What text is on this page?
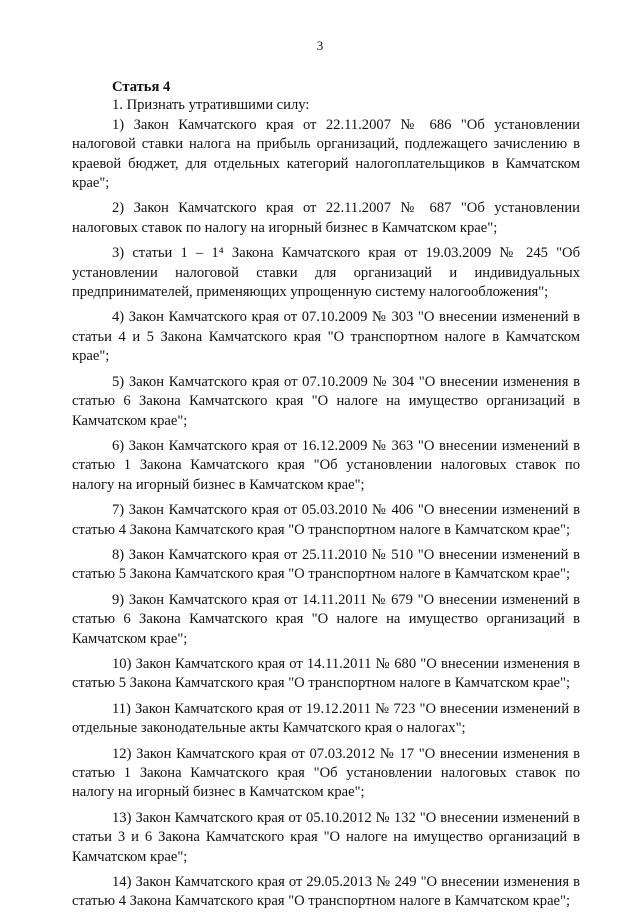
3
Статья 4

1. Признать утратившими силу:

1) Закон Камчатского края от 22.11.2007 № 686 "Об установлении налоговой ставки налога на прибыль организаций, подлежащего зачислению в краевой бюджет, для отдельных категорий налогоплательщиков в Камчатском крае";

2) Закон Камчатского края от 22.11.2007 № 687 "Об установлении налоговых ставок по налогу на игорный бизнес в Камчатском крае";

3) статьи 1 – 1⁴ Закона Камчатского края от 19.03.2009 № 245 "Об установлении налоговой ставки для организаций и индивидуальных предпринимателей, применяющих упрощенную систему налогообложения";

4) Закон Камчатского края от 07.10.2009 № 303 "О внесении изменений в статьи 4 и 5 Закона Камчатского края "О транспортном налоге в Камчатском крае";

5) Закон Камчатского края от 07.10.2009 № 304 "О внесении изменения в статью 6 Закона Камчатского края "О налоге на имущество организаций в Камчатском крае";

6) Закон Камчатского края от 16.12.2009 № 363 "О внесении изменений в статью 1 Закона Камчатского края "Об установлении налоговых ставок по налогу на игорный бизнес в Камчатском крае";

7) Закон Камчатского края от 05.03.2010 № 406 "О внесении изменений в статью 4 Закона Камчатского края "О транспортном налоге в Камчатском крае";

8) Закон Камчатского края от 25.11.2010 № 510 "О внесении изменений в статью 5 Закона Камчатского края "О транспортном налоге в Камчатском крае";

9) Закон Камчатского края от 14.11.2011 № 679 "О внесении изменений в статью 6 Закона Камчатского края "О налоге на имущество организаций в Камчатском крае";

10) Закон Камчатского края от 14.11.2011 № 680 "О внесении изменения в статью 5 Закона Камчатского края "О транспортном налоге в Камчатском крае";

11) Закон Камчатского края от 19.12.2011 № 723 "О внесении изменений в отдельные законодательные акты Камчатского края о налогах";

12) Закон Камчатского края от 07.03.2012 № 17 "О внесении изменения в статью 1 Закона Камчатского края "Об установлении налоговых ставок по налогу на игорный бизнес в Камчатском крае";

13) Закон Камчатского края от 05.10.2012 № 132 "О внесении изменений в статьи 3 и 6 Закона Камчатского края "О налоге на имущество организаций в Камчатском крае";

14) Закон Камчатского края от 29.05.2013 № 249 "О внесении изменения в статью 4 Закона Камчатского края "О транспортном налоге в Камчатском крае";
